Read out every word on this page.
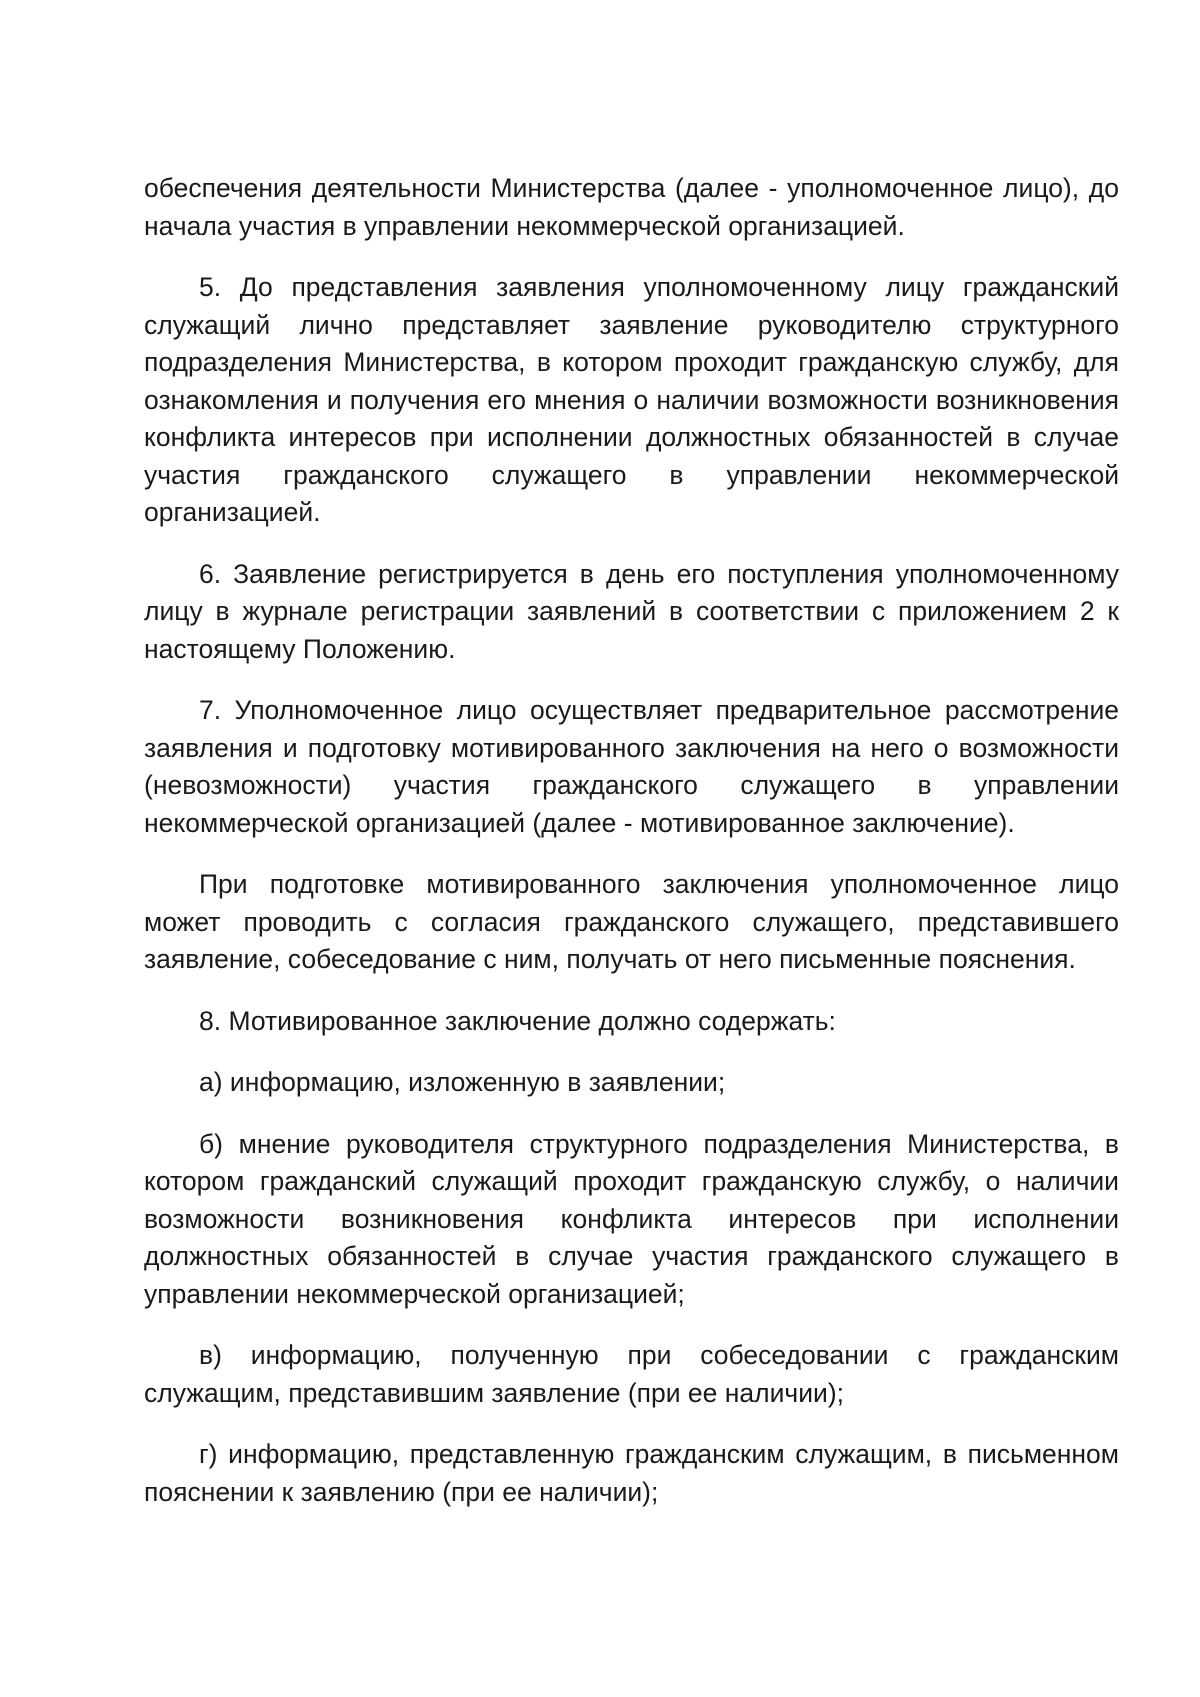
обеспечения деятельности Министерства (далее - уполномоченное лицо), до начала участия в управлении некоммерческой организацией.

5. До представления заявления уполномоченному лицу гражданский служащий лично представляет заявление руководителю структурного подразделения Министерства, в котором проходит гражданскую службу, для ознакомления и получения его мнения о наличии возможности возникновения конфликта интересов при исполнении должностных обязанностей в случае участия гражданского служащего в управлении некоммерческой организацией.

6. Заявление регистрируется в день его поступления уполномоченному лицу в журнале регистрации заявлений в соответствии с приложением 2 к настоящему Положению.

7. Уполномоченное лицо осуществляет предварительное рассмотрение заявления и подготовку мотивированного заключения на него о возможности (невозможности) участия гражданского служащего в управлении некоммерческой организацией (далее - мотивированное заключение).

При подготовке мотивированного заключения уполномоченное лицо может проводить с согласия гражданского служащего, представившего заявление, собеседование с ним, получать от него письменные пояснения.

8. Мотивированное заключение должно содержать:

а) информацию, изложенную в заявлении;

б) мнение руководителя структурного подразделения Министерства, в котором гражданский служащий проходит гражданскую службу, о наличии возможности возникновения конфликта интересов при исполнении должностных обязанностей в случае участия гражданского служащего в управлении некоммерческой организацией;

в) информацию, полученную при собеседовании с гражданским служащим, представившим заявление (при ее наличии);

г) информацию, представленную гражданским служащим, в письменном пояснении к заявлению (при ее наличии);
